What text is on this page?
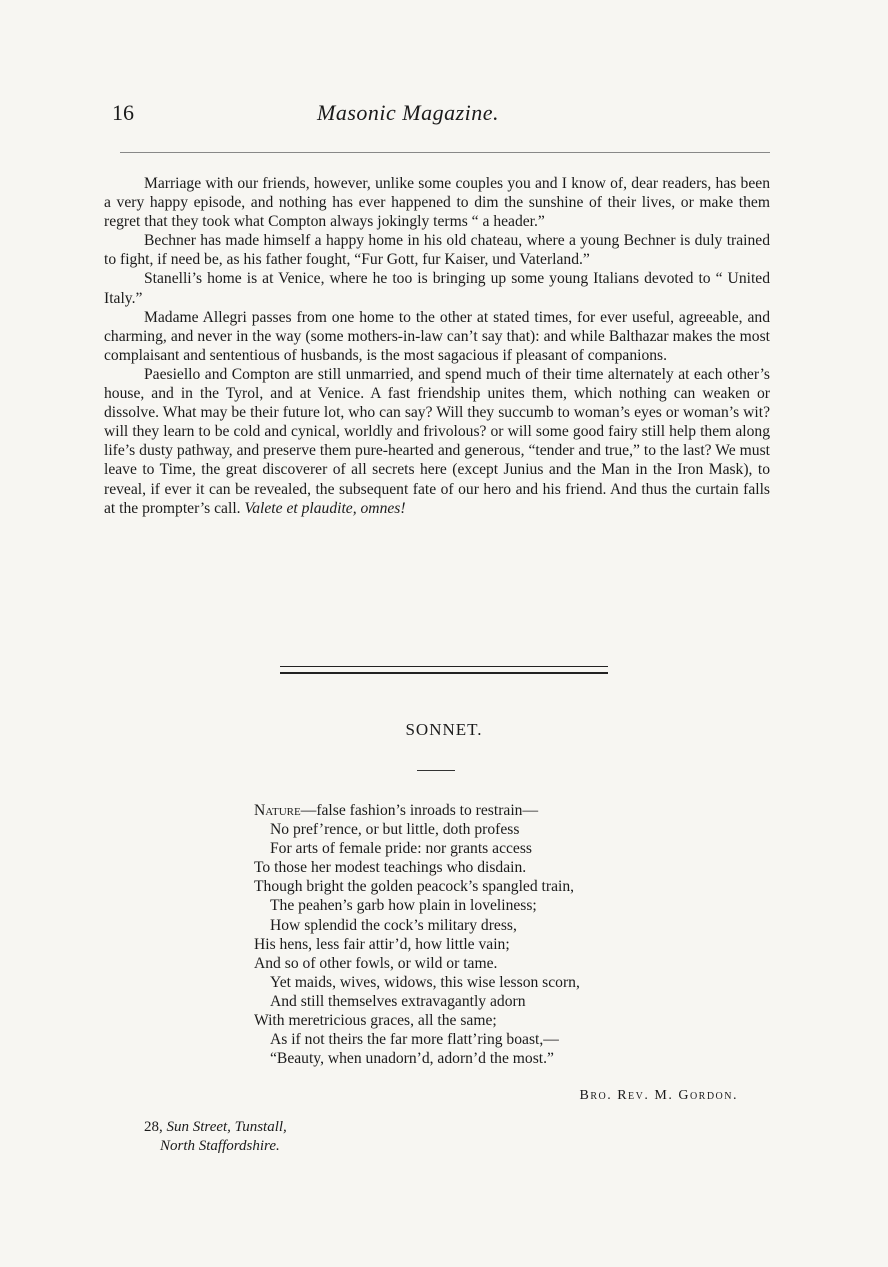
16	Masonic Magazine.

Marriage with our friends, however, unlike some couples you and I know of, dear readers, has been a very happy episode, and nothing has ever happened to dim the sunshine of their lives, or make them regret that they took what Compton always jokingly terms “ a header.”

Bechner has made himself a happy home in his old chateau, where a young Bechner is duly trained to fight, if need be, as his father fought, “Fur Gott, fur Kaiser, und Vaterland.”

Stanelli’s home is at Venice, where he too is bringing up some young Italians devoted to “ United Italy.”

Madame Allegri passes from one home to the other at stated times, for ever useful, agreeable, and charming, and never in the way (some mothers-in-law can’t say that): and while Balthazar makes the most complaisant and sententious of husbands, is the most sagacious if pleasant of companions.

Paesiello and Compton are still unmarried, and spend much of their time alternately at each other’s house, and in the Tyrol, and at Venice. A fast friendship unites them, which nothing can weaken or dissolve. What may be their future lot, who can say? Will they succumb to woman’s eyes or woman’s wit? will they learn to be cold and cynical, worldly and frivolous? or will some good fairy still help them along life’s dusty pathway, and preserve them pure-hearted and generous, “tender and true,” to the last? We must leave to Time, the great discoverer of all secrets here (except Junius and the Man in the Iron Mask), to reveal, if ever it can be revealed, the subsequent fate of our hero and his friend. And thus the curtain falls at the prompter’s call. Valete et plaudite, omnes!

SONNET.
Nature—false fashion’s inroads to restrain—
No pref’rence, or but little, doth profess
For arts of female pride: nor grants access
To those her modest teachings who disdain.
Though bright the golden peacock’s spangled train,
The peahen’s garb how plain in loveliness;
How splendid the cock’s military dress,
His hens, less fair attir’d, how little vain;
And so of other fowls, or wild or tame.
Yet maids, wives, widows, this wise lesson scorn,
And still themselves extravagantly adorn
With meretricious graces, all the same;
As if not theirs the far more flatt’ring boast,—
“Beauty, when unadorn’d, adorn’d the most.”
Bro. Rev. M. Gordon.
28, Sun Street, Tunstall,
North Staffordshire.
